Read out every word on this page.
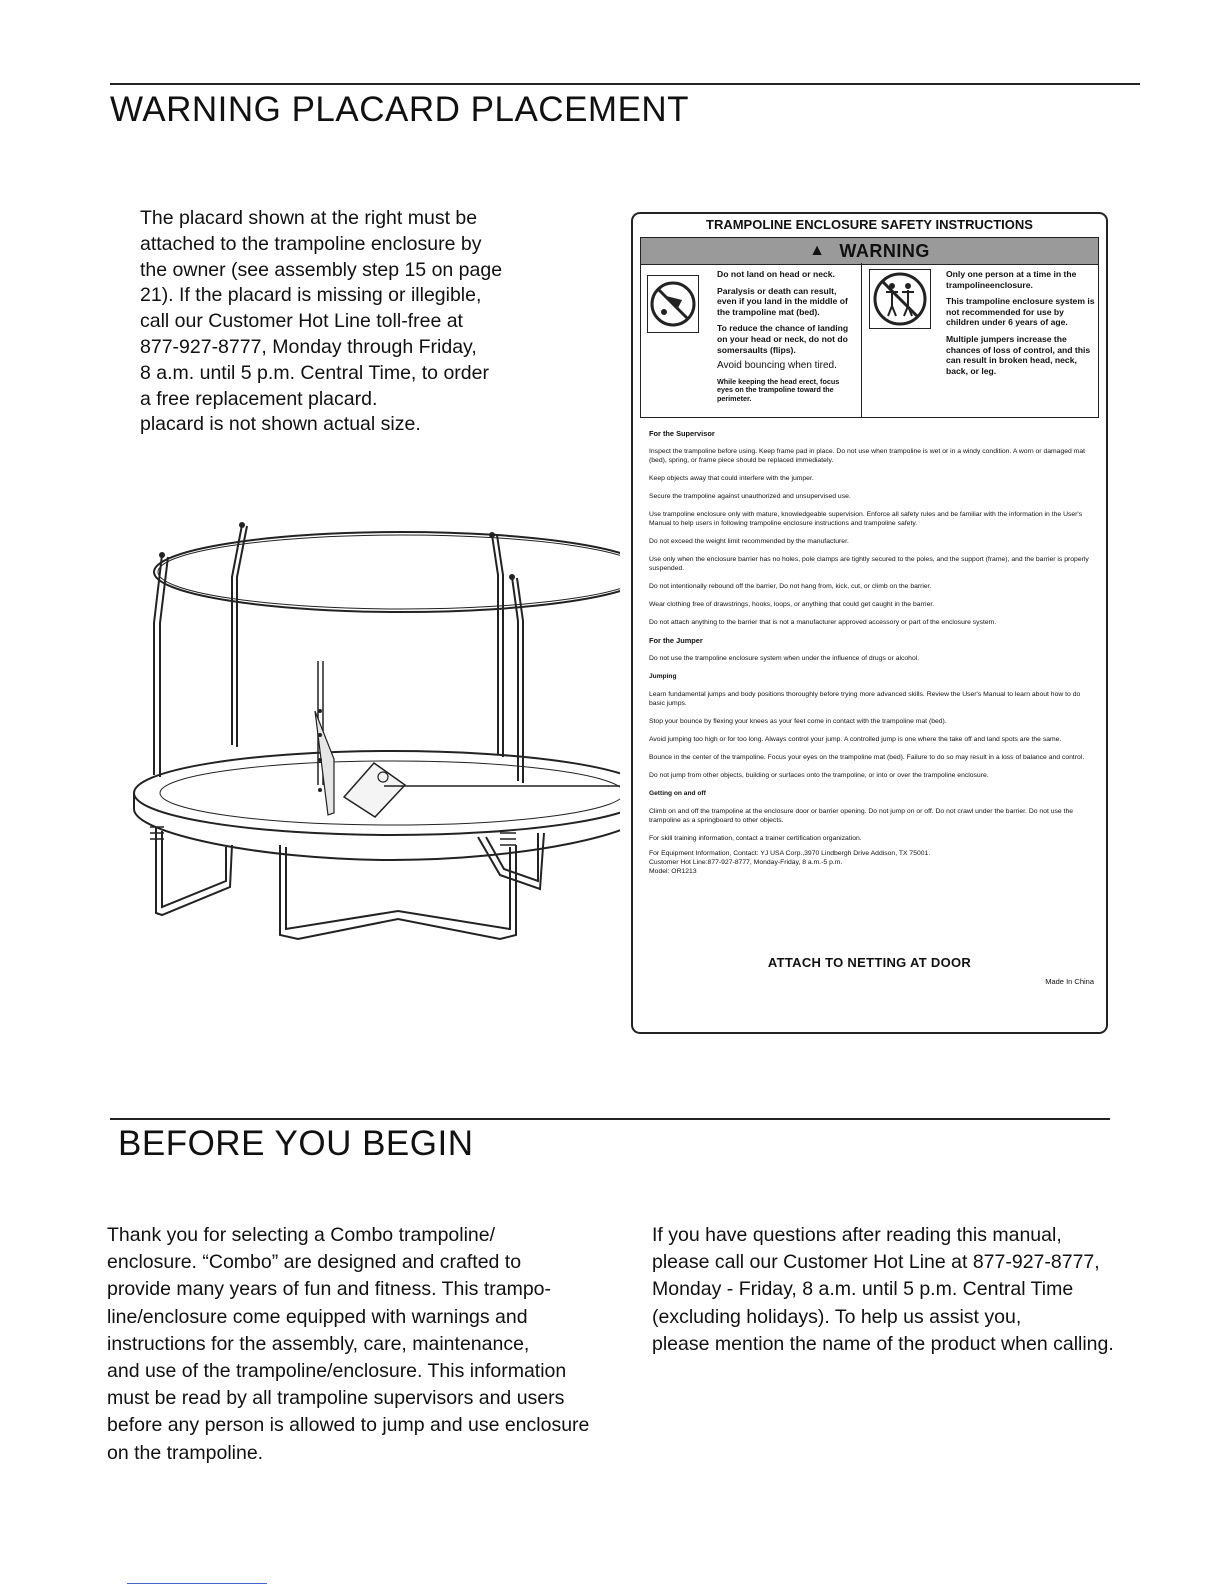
WARNING PLACARD PLACEMENT

The placard shown at the right must be

attached to the trampoline enclosure by

the owner (see assembly step 15 on page

21). If the placard is missing or illegible,

call our Customer Hot Line toll-free at

877-927-8777, Monday through Friday,

8 a.m. until 5 p.m. Central Time, to order

a free replacement placard.

placard is not shown actual size.

TRAMPOLINE ENCLOSURE SAFETY INSTRUCTIONS
▲ WARNING

Do not land on head or neck.

Paralysis or death can result, even if you land in the middle of the trampoline mat (bed).

To reduce the chance of landing on your head or neck, do not do somersaults (flips).

Avoid bouncing when tired.

While keeping the head erect, focus eyes on the trampoline toward the perimeter.

Only one person at a time in the trampolineenclosure.

This trampoline enclosure system is not recommended for use by children under 6 years of age.

Multiple jumpers increase the chances of loss of control, and this can result in broken head, neck, back, or leg.

For the Supervisor
Inspect the trampoline before using. Keep frame pad in place. Do not use when trampoline is wet or in a windy condition. A worn or damaged mat (bed), spring, or frame piece should be replaced immediately.
Keep objects away that could interfere with the jumper.
Secure the trampoline against unauthorized and unsupervised use.
Use trampoline enclosure only with mature, knowledgeable supervision. Enforce all safety rules and be familiar with the information in the User's Manual to help users in following trampoline enclosure instructions and trampoline safety.
Do not exceed the weight limit recommended by the manufacturer.
Use only when the enclosure barrier has no holes, pole clamps are tightly secured to the poles, and the support (frame), and the barrier is properly suspended.
Do not intentionally rebound off the barrier, Do not hang from, kick, cut, or climb on the barrier.
Wear clothing free of drawstrings, hooks, loops, or anything that could get caught in the barrier.
Do not attach anything to the barrier that is not a manufacturer approved accessory or part of the enclosure system.
For the Jumper
Do not use the trampoline enclosure system when under the influence of drugs or alcohol.
Jumping
Learn fundamental jumps and body positions thoroughly before trying more advanced skills. Review the User's Manual to learn about how to do basic jumps.
Stop your bounce by flexing your knees as your feet come in contact with the trampoline mat (bed).
Avoid jumping too high or for too long. Always control your jump. A controlled jump is one where the take off and land spots are the same.
Bounce in the center of the trampoline. Focus your eyes on the trampoline mat (bed). Failure to do so may result in a loss of balance and control.
Do not jump from other objects, building or surfaces onto the trampoline, or into or over the trampoline enclosure.
Getting on and off
Climb on and off the trampoline at the enclosure door or barrier opening. Do not jump on or off. Do not crawl under the barrier. Do not use the trampoline as a springboard to other objects.
For skill training information, contact a trainer certification organization.
For Equipment Information, Contact: YJ USA Corp.,3970 Lindbergh Drive Addison, TX 75001.
Customer Hot Line:877-927-8777, Monday-Friday, 8 a.m.-5 p.m.
Model: OR1213
ATTACH TO NETTING AT DOOR
Made In China
BEFORE YOU BEGIN

Thank you for selecting a Combo trampoline/

enclosure. “Combo” are designed and crafted to

provide many years of fun and fitness. This trampo-

line/enclosure come equipped with warnings and

instructions for the assembly, care, maintenance,

and use of the trampoline/enclosure. This information

must be read by all trampoline supervisors and users

before any person is allowed to jump and use enclosure

on the trampoline.

If you have questions after reading this manual,

please call our Customer Hot Line at 877-927-8777,

Monday - Friday, 8 a.m. until 5 p.m. Central Time

(excluding holidays). To help us assist you,

please mention the name of the product when calling.
